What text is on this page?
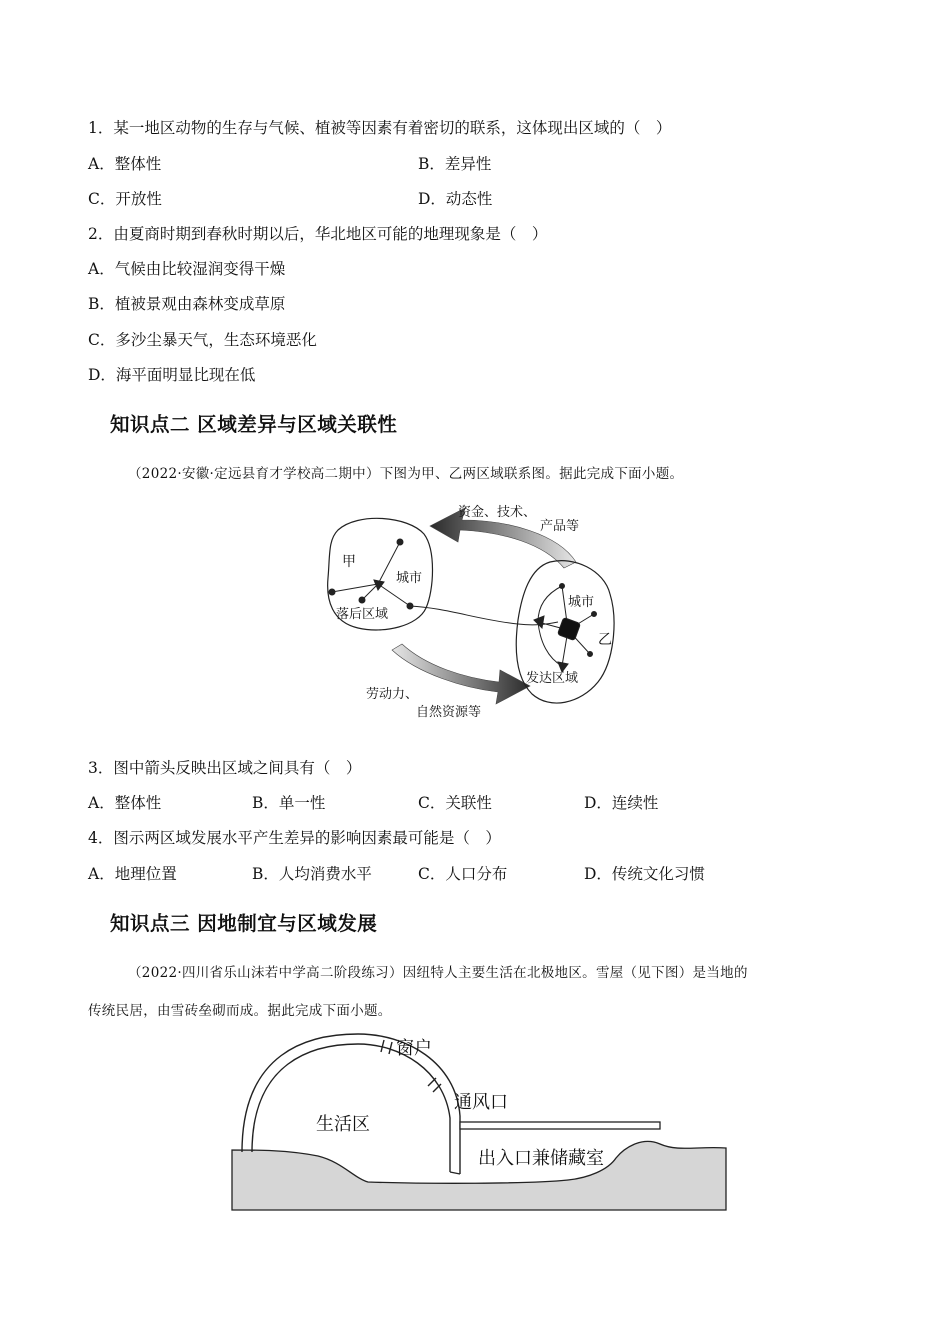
1．某一地区动物的生存与气候、植被等因素有着密切的联系，这体现出区域的（　）
A．整体性	B．差异性
C．开放性	D．动态性
2．由夏商时期到春秋时期以后，华北地区可能的地理现象是（　）
A．气候由比较湿润变得干燥
B．植被景观由森林变成草原
C．多沙尘暴天气，生态环境恶化
D．海平面明显比现在低
知识点二 区域差异与区域关联性
（2022·安徽·定远县育才学校高二期中）下图为甲、乙两区域联系图。据此完成下面小题。
资金、技术、
产品等
甲
城市
落后区域
城市
乙
发达区域
劳动力、
自然资源等
3．图中箭头反映出区域之间具有（　）
A．整体性	B．单一性	C．关联性	D．连续性
4．图示两区域发展水平产生差异的影响因素最可能是（　）
A．地理位置	B．人均消费水平	C．人口分布	D．传统文化习惯
知识点三 因地制宜与区域发展
（2022·四川省乐山沫若中学高二阶段练习）因纽特人主要生活在北极地区。雪屋（见下图）是当地的
传统民居，由雪砖垒砌而成。据此完成下面小题。
窗户
通风口
生活区
出入口兼储藏室
